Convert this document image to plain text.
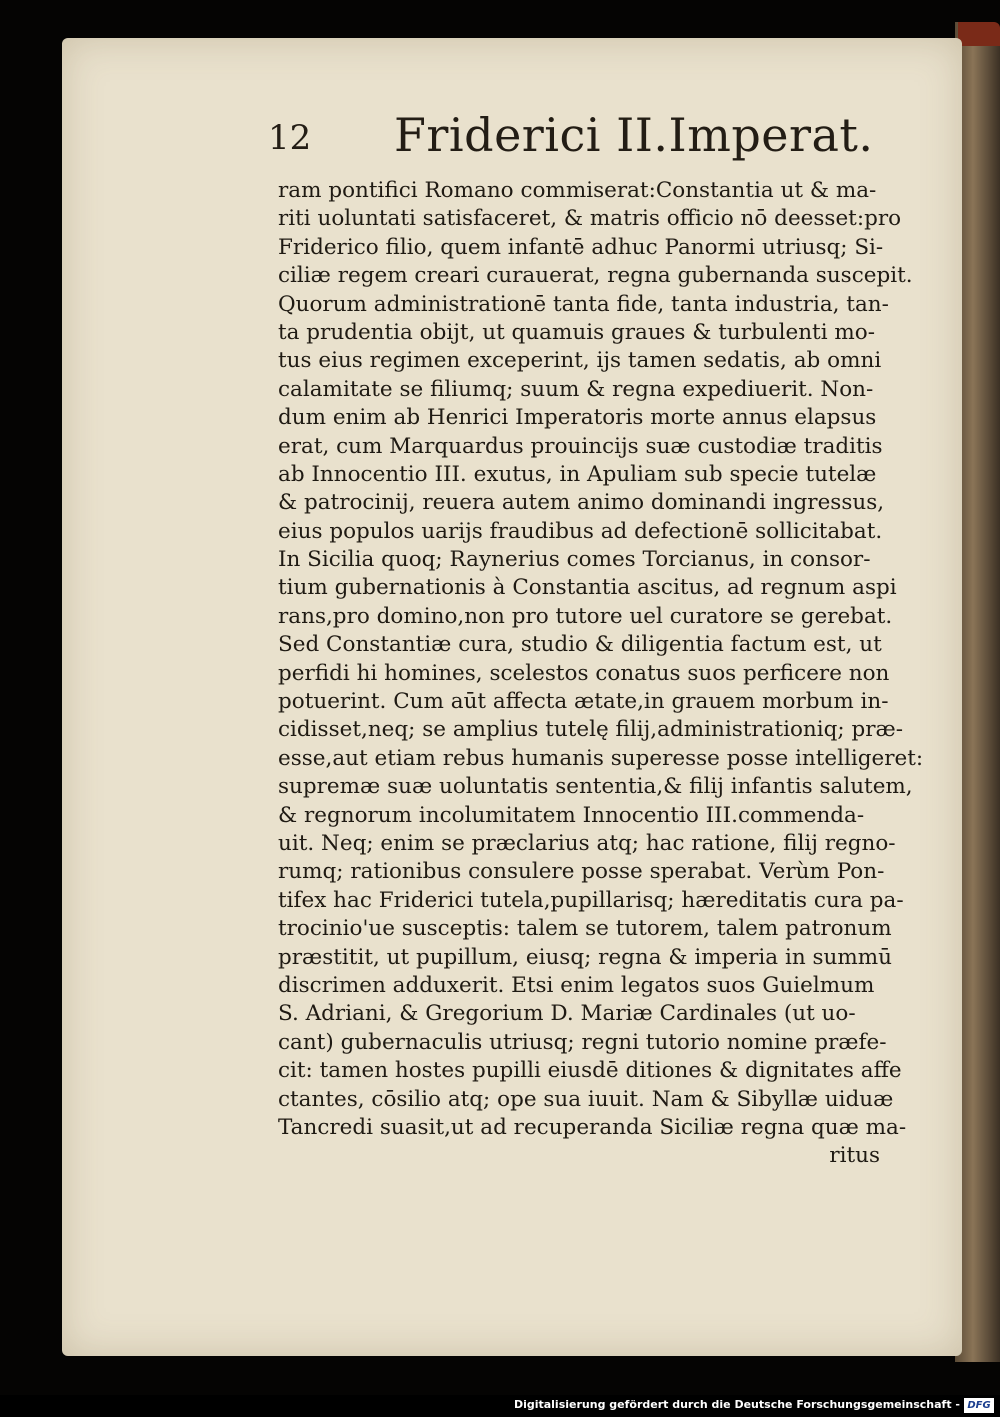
12 Friderici II.Imperat.
ram pontifici Romano commiserat:Constantia ut & ma-
riti uoluntati satisfaceret, & matris officio nō deesset:pro
Friderico filio, quem infantē adhuc Panormi utriusq; Si-
ciliæ regem creari curauerat, regna gubernanda suscepit.
Quorum administrationē tanta fide, tanta industria, tan-
ta prudentia obijt, ut quamuis graues & turbulenti mo-
tus eius regimen exceperint, ijs tamen sedatis, ab omni
calamitate se filiumq; suum & regna expediuerit. Non-
dum enim ab Henrici Imperatoris morte annus elapsus
erat, cum Marquardus prouincijs suæ custodiæ traditis
ab Innocentio III. exutus, in Apuliam sub specie tutelæ
& patrocinij, reuera autem animo dominandi ingressus,
eius populos uarijs fraudibus ad defectionē sollicitabat.
In Sicilia quoq; Raynerius comes Torcianus, in consor-
tium gubernationis à Constantia ascitus, ad regnum aspi
rans,pro domino,non pro tutore uel curatore se gerebat.
Sed Constantiæ cura, studio & diligentia factum est, ut
perfidi hi homines, scelestos conatus suos perficere non
potuerint. Cum aūt affecta ætate,in grauem morbum in-
cidisset,neq; se amplius tutelę filij,administrationiq; præ-
esse,aut etiam rebus humanis superesse posse intelligeret:
supremæ suæ uoluntatis sententia,& filij infantis salutem,
& regnorum incolumitatem Innocentio III.commenda-
uit. Neq; enim se præclarius atq; hac ratione, filij regno-
rumq; rationibus consulere posse sperabat. Verùm Pon-
tifex hac Friderici tutela,pupillarisq; hæreditatis cura pa-
trocinio'ue susceptis: talem se tutorem, talem patronum
præstitit, ut pupillum, eiusq; regna & imperia in summū
discrimen adduxerit. Etsi enim legatos suos Guielmum
S. Adriani, & Gregorium D. Mariæ Cardinales (ut uo-
cant) gubernaculis utriusq; regni tutorio nomine præfe-
cit: tamen hostes pupilli eiusdē ditiones & dignitates affe
ctantes, cōsilio atq; ope sua iuuit. Nam & Sibyllæ uiduæ
Tancredi suasit,ut ad recuperanda Siciliæ regna quæ ma-
ritus
Digitalisierung gefördert durch die Deutsche Forschungsgemeinschaft - DFG
